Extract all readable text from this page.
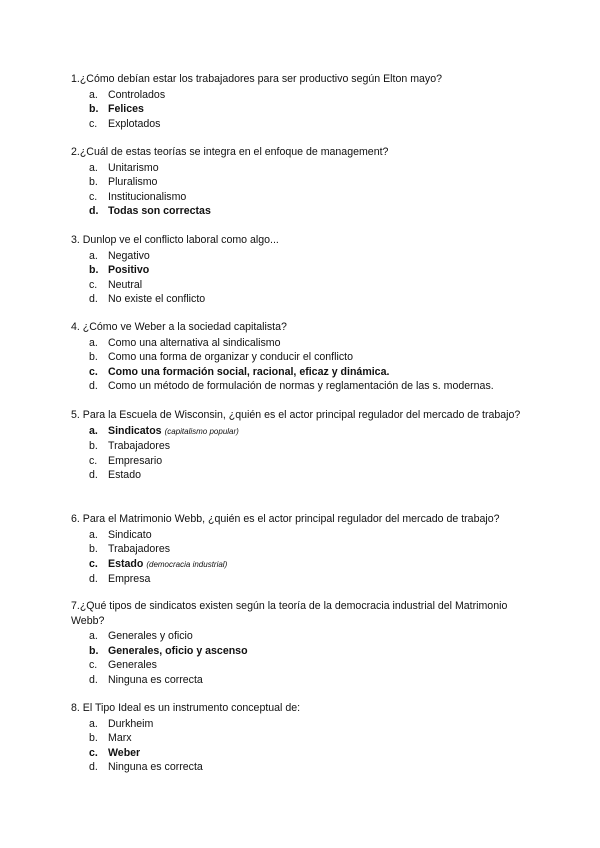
1.¿Cómo debían estar los trabajadores para ser productivo según Elton mayo?
a. Controlados
b. Felices
c. Explotados
2.¿Cuál de estas teorías se integra en el enfoque de management?
a. Unitarismo
b. Pluralismo
c. Institucionalismo
d. Todas son correctas
3. Dunlop ve el conflicto laboral como algo...
a. Negativo
b. Positivo
c. Neutral
d. No existe el conflicto
4. ¿Cómo ve Weber a la sociedad capitalista?
a. Como una alternativa al sindicalismo
b. Como una forma de organizar y conducir el conflicto
c. Como una formación social, racional, eficaz y dinámica.
d. Como un método de formulación de normas y reglamentación de las s. modernas.
5. Para la Escuela de Wisconsin, ¿quién es el actor principal regulador del mercado de trabajo?
a. Sindicatos (capitalismo popular)
b. Trabajadores
c. Empresario
d. Estado
6. Para el Matrimonio Webb, ¿quién es el actor principal regulador del mercado de trabajo?
a. Sindicato
b. Trabajadores
c. Estado (democracia industrial)
d. Empresa
7.¿Qué tipos de sindicatos existen según la teoría de la democracia industrial del Matrimonio Webb?
a. Generales y oficio
b. Generales, oficio y ascenso
c. Generales
d. Ninguna es correcta
8. El Tipo Ideal es un instrumento conceptual de:
a. Durkheim
b. Marx
c. Weber
d. Ninguna es correcta
